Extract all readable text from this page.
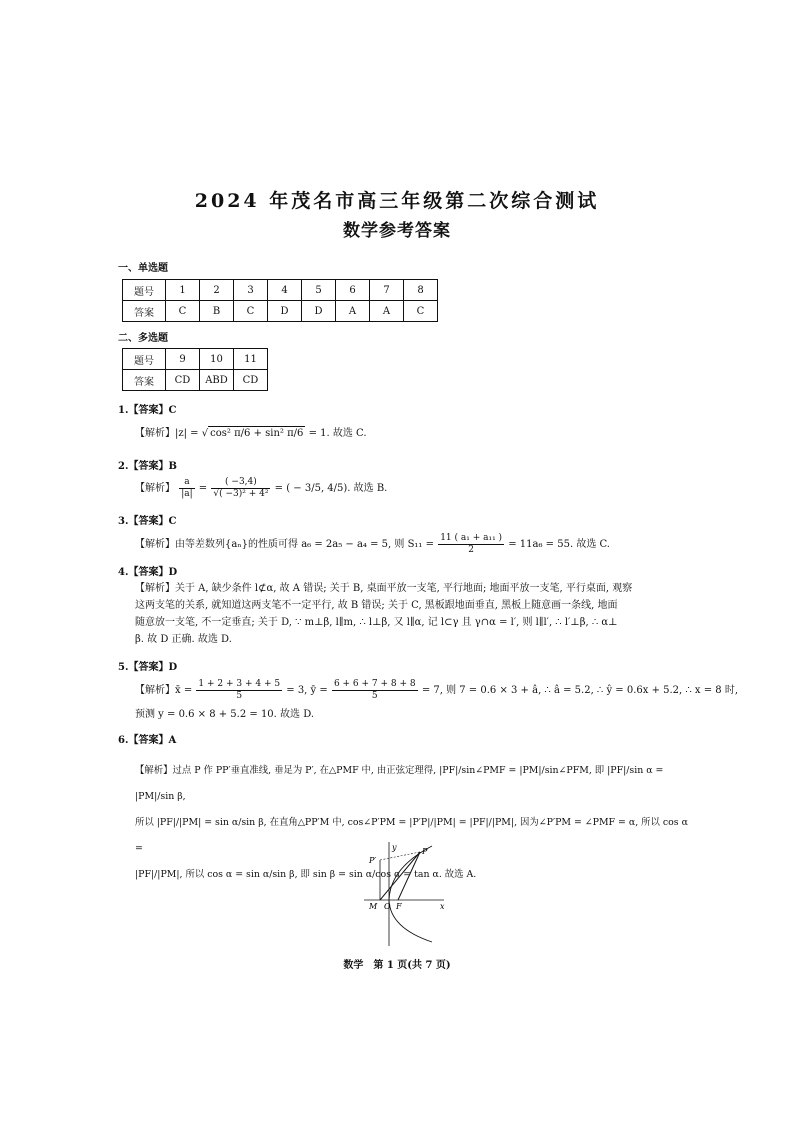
2024 年茂名市高三年级第二次综合测试
数学参考答案
一、单选题
题号	1	2	3	4	5	6	7	8
答案	C	B	C	D	D	A	A	C
二、多选题
题号	9	10	11
答案	CD	ABD	CD
1.【答案】C
【解析】|z| = √ cos² π/6 + sin² π/6 = 1. 故选 C.
2.【答案】B
【解析】 $\frac{a}{|a|} = \frac{( -3,4)}{\text{√( −3)² + 4²}}$ = ( − 3/5, 4/5). 故选 B.
3.【答案】C
【解析】由等差数列{aₙ}的性质可得 a₆ = 2a₅ − a₄ = 5, 则 $S_{11} = \frac{\text{11 ( a₁ + a₁₁ )}}{2} = 11a_6 = 55$. 故选 C.
4.【答案】D
【解析】关于 A, 缺少条件 l⊄α, 故 A 错误; 关于 B, 桌面平放一支笔, 平行地面; 地面平放一支笔, 平行桌面, 观察
这两支笔的关系, 就知道这两支笔不一定平行, 故 B 错误; 关于 C, 黑板跟地面垂直, 黑板上随意画一条线, 地面
随意放一支笔, 不一定垂直; 关于 D, ∵ m⊥β, l∥m, ∴ l⊥β, 又 l∥α, 记 l⊂γ 且 γ∩α = l′, 则 l∥l′, ∴ l′⊥β, ∴ α⊥
β. 故 D 正确. 故选 D.
5.【答案】D
【解析】x̄ = $\frac{1 + 2 + 3 + 4 + 5}{5} = 3$, ȳ = $\frac{6 + 6 + 7 + 8 + 8}{5} = 7$, 则 7 = 0.6 × 3 + â, ∴ â = 5.2, ∴ ŷ = 0.6x + 5.2, ∴ x = 8 时,
预测 y = 0.6 × 8 + 5.2 = 10. 故选 D.
6.【答案】A
【解析】过点 P 作 PP′垂直准线, 垂足为 P′, 在△PMF 中, 由正弦定理得, |PF|/sin∠PMF = |PM|/sin∠PFM, 即 |PF|/sin α = |PM|/sin β,
所以 |PF|/|PM| = sin α/sin β, 在直角△PP′M 中, cos∠P′PM = |P′P|/|PM| = |PF|/|PM|, 因为∠P′PM = ∠PMF = α, 所以 cos α =
|PF|/|PM|, 所以 cos α = sin α/sin β, 即 sin β = sin α/cos α = tan α. 故选 A.
y
P′
P
M O F	x
数学　第 1 页(共 7 页)
